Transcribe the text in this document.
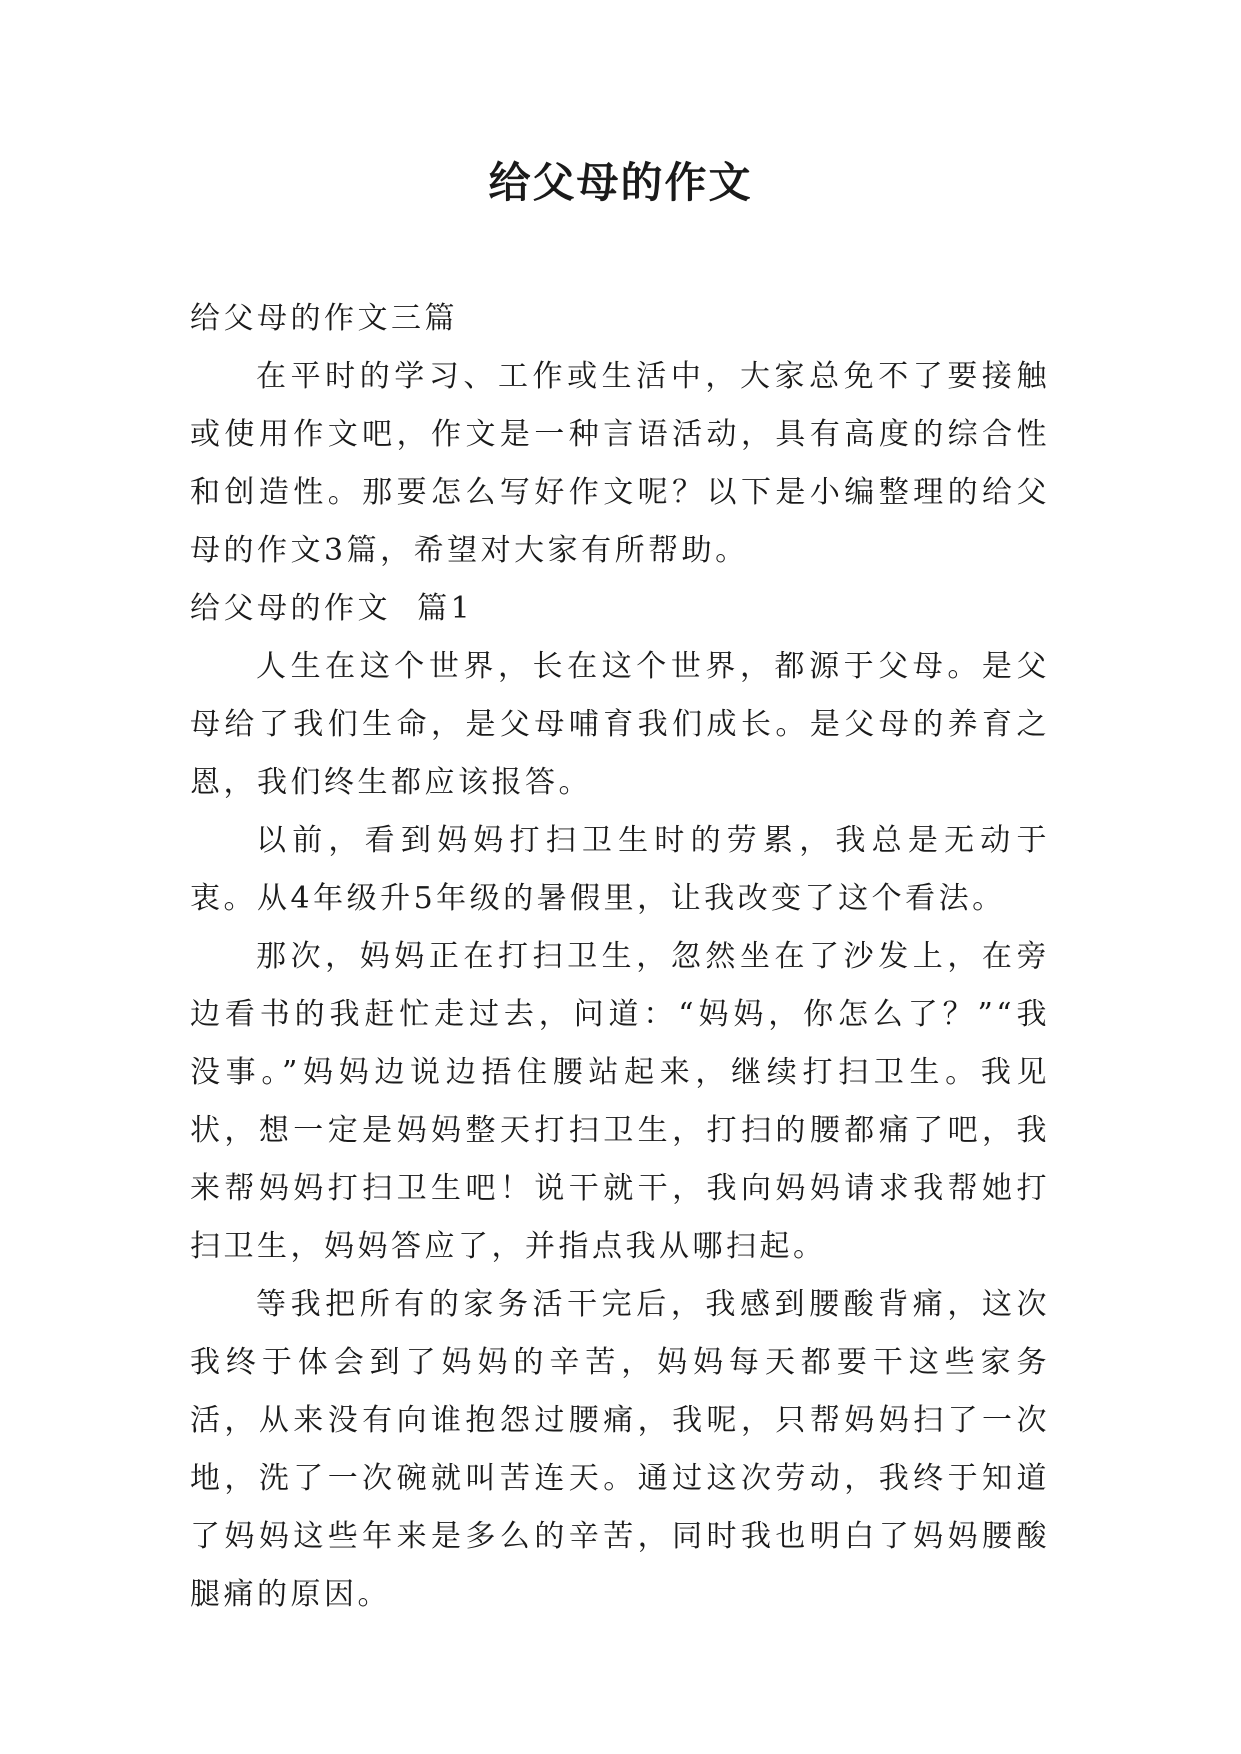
给父母的作文

给父母的作文三篇

在平时的学习、工作或生活中，大家总免不了要接触或使用作文吧，作文是一种言语活动，具有高度的综合性和创造性。那要怎么写好作文呢？以下是小编整理的给父母的作文3篇，希望对大家有所帮助。

给父母的作文  篇1

人生在这个世界，长在这个世界，都源于父母。是父母给了我们生命，是父母哺育我们成长。是父母的养育之恩，我们终生都应该报答。

以前，看到妈妈打扫卫生时的劳累，我总是无动于衷。从4年级升5年级的暑假里，让我改变了这个看法。

那次，妈妈正在打扫卫生，忽然坐在了沙发上，在旁边看书的我赶忙走过去，问道：“妈妈，你怎么了？”“我没事。”妈妈边说边捂住腰站起来，继续打扫卫生。我见状，想一定是妈妈整天打扫卫生，打扫的腰都痛了吧，我来帮妈妈打扫卫生吧！说干就干，我向妈妈请求我帮她打扫卫生，妈妈答应了，并指点我从哪扫起。

等我把所有的家务活干完后，我感到腰酸背痛，这次我终于体会到了妈妈的辛苦，妈妈每天都要干这些家务活，从来没有向谁抱怨过腰痛，我呢，只帮妈妈扫了一次地，洗了一次碗就叫苦连天。通过这次劳动，我终于知道了妈妈这些年来是多么的辛苦，同时我也明白了妈妈腰酸腿痛的原因。
